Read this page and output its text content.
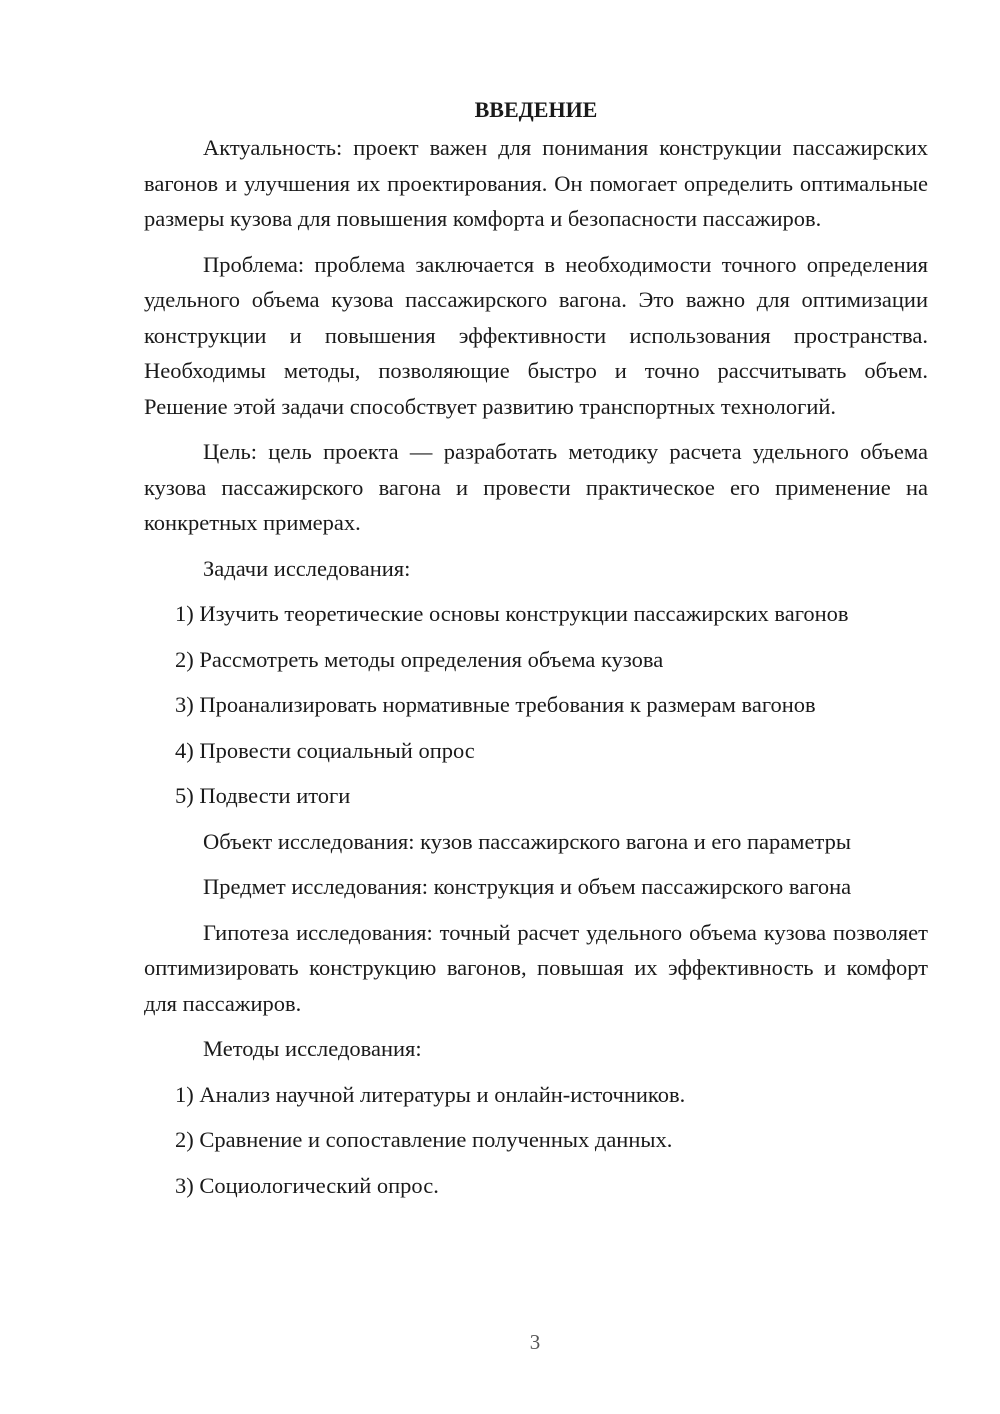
ВВЕДЕНИЕ

Актуальность: проект важен для понимания конструкции пассажирских вагонов и улучшения их проектирования. Он помогает определить оптимальные размеры кузова для повышения комфорта и безопасности пассажиров.

Проблема: проблема заключается в необходимости точного определения удельного объема кузова пассажирского вагона. Это важно для оптимизации конструкции и повышения эффективности использования пространства. Необходимы методы, позволяющие быстро и точно рассчитывать объем. Решение этой задачи способствует развитию транспортных технологий.

Цель: цель проекта — разработать методику расчета удельного объема кузова пассажирского вагона и провести практическое его применение на конкретных примерах.

Задачи исследования:
1) Изучить теоретические основы конструкции пассажирских вагонов
2) Рассмотреть методы определения объема кузова
3) Проанализировать нормативные требования к размерам вагонов
4) Провести социальный опрос
5) Подвести итоги
Объект исследования: кузов пассажирского вагона и его параметры
Предмет исследования: конструкция и объем пассажирского вагона

Гипотеза исследования: точный расчет удельного объема кузова позволяет оптимизировать конструкцию вагонов, повышая их эффективность и комфорт для пассажиров.

Методы исследования:
1) Анализ научной литературы и онлайн-источников.
2) Сравнение и сопоставление полученных данных.
3) Социологический опрос.
3
